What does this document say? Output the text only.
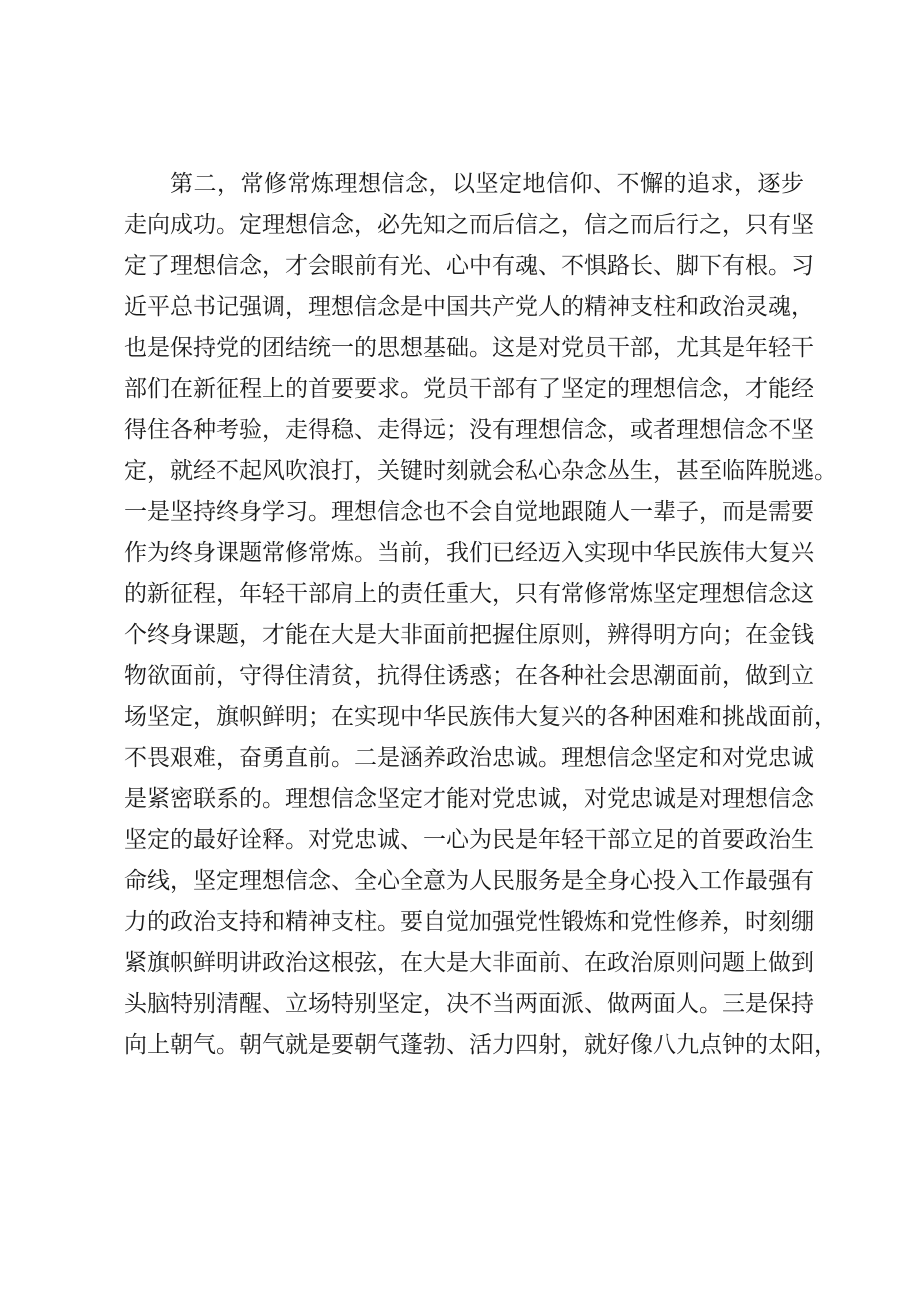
第二，常修常炼理想信念，以坚定地信仰、不懈的追求，逐步
走向成功。定理想信念，必先知之而后信之，信之而后行之，只有坚
定了理想信念，才会眼前有光、心中有魂、不惧路长、脚下有根。习
近平总书记强调，理想信念是中国共产党人的精神支柱和政治灵魂，
也是保持党的团结统一的思想基础。这是对党员干部，尤其是年轻干
部们在新征程上的首要要求。党员干部有了坚定的理想信念，才能经
得住各种考验，走得稳、走得远；没有理想信念，或者理想信念不坚
定，就经不起风吹浪打，关键时刻就会私心杂念丛生，甚至临阵脱逃。
一是坚持终身学习。理想信念也不会自觉地跟随人一辈子，而是需要
作为终身课题常修常炼。当前，我们已经迈入实现中华民族伟大复兴
的新征程，年轻干部肩上的责任重大，只有常修常炼坚定理想信念这
个终身课题，才能在大是大非面前把握住原则，辨得明方向；在金钱
物欲面前，守得住清贫，抗得住诱惑；在各种社会思潮面前，做到立
场坚定，旗帜鲜明；在实现中华民族伟大复兴的各种困难和挑战面前，
不畏艰难，奋勇直前。二是涵养政治忠诚。理想信念坚定和对党忠诚
是紧密联系的。理想信念坚定才能对党忠诚，对党忠诚是对理想信念
坚定的最好诠释。对党忠诚、一心为民是年轻干部立足的首要政治生
命线，坚定理想信念、全心全意为人民服务是全身心投入工作最强有
力的政治支持和精神支柱。要自觉加强党性锻炼和党性修养，时刻绷
紧旗帜鲜明讲政治这根弦，在大是大非面前、在政治原则问题上做到
头脑特别清醒、立场特别坚定，决不当两面派、做两面人。三是保持
向上朝气。朝气就是要朝气蓬勃、活力四射，就好像八九点钟的太阳，
